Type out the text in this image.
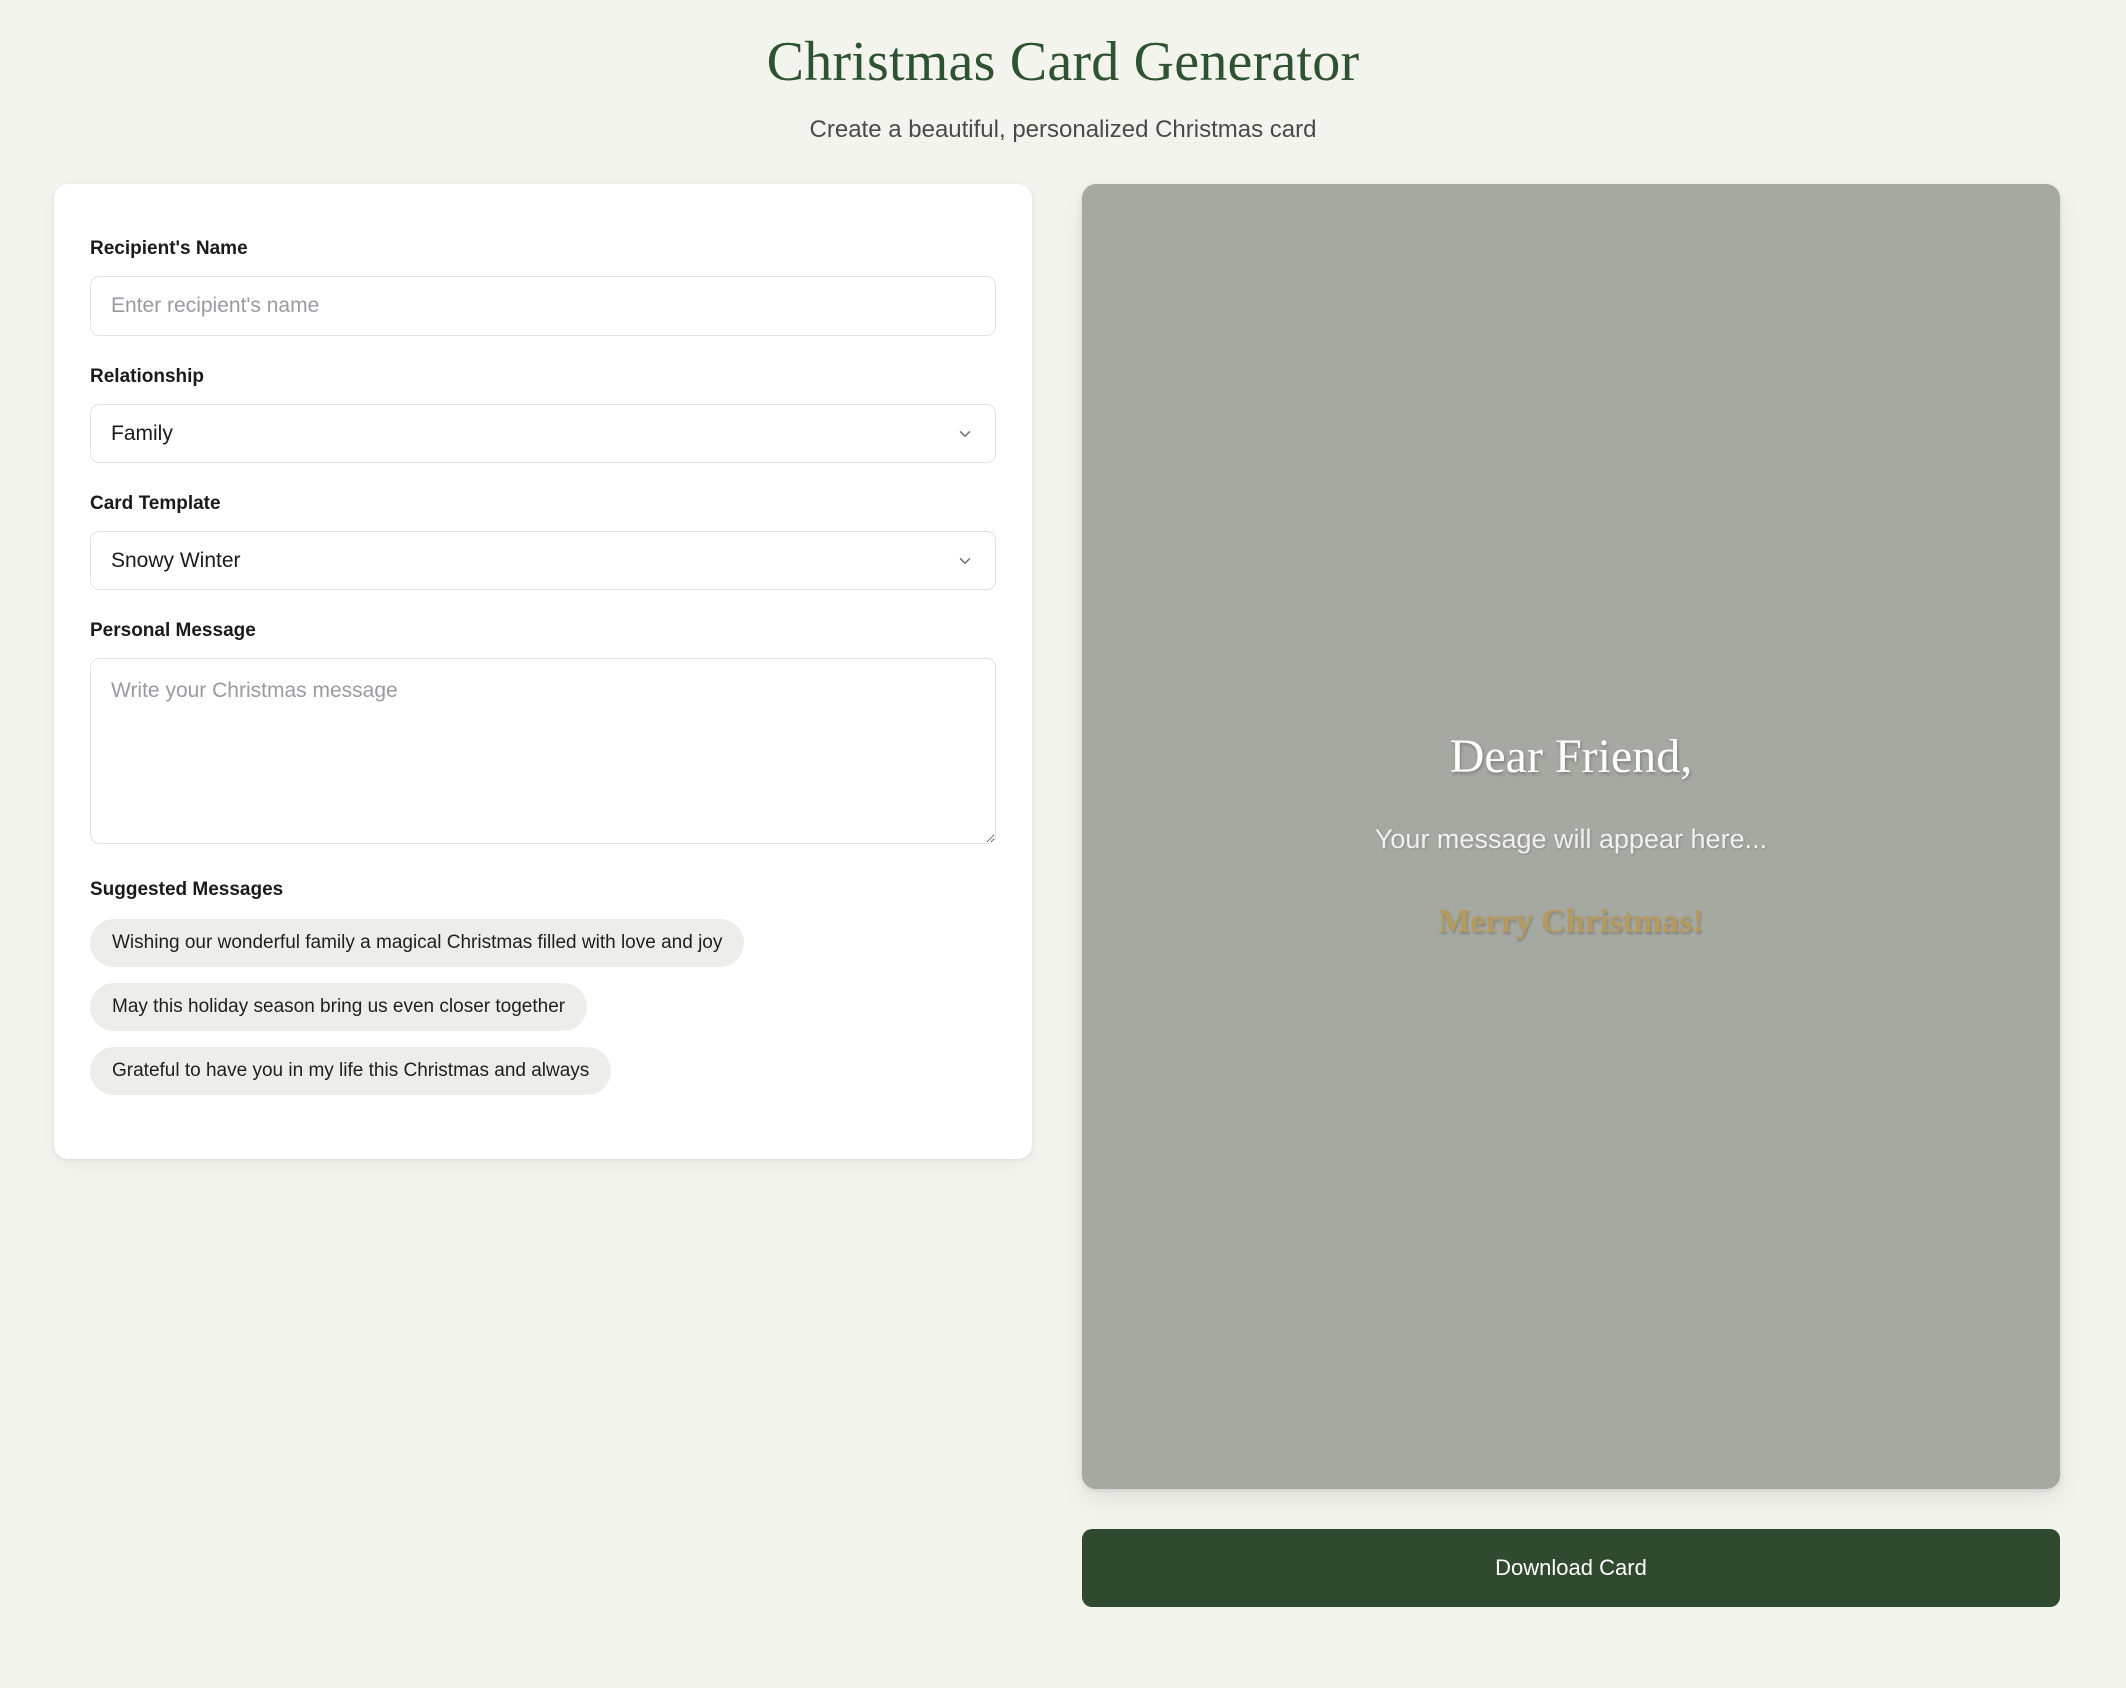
Christmas Card Generator
Create a beautiful, personalized Christmas card
Recipient's Name
Enter recipient's name
Relationship
Family
Card Template
Snowy Winter
Personal Message
Write your Christmas message
Suggested Messages
Wishing our wonderful family a magical Christmas filled with love and joy
May this holiday season bring us even closer together
Grateful to have you in my life this Christmas and always
Dear Friend,
Your message will appear here...
Merry Christmas!
Download Card
